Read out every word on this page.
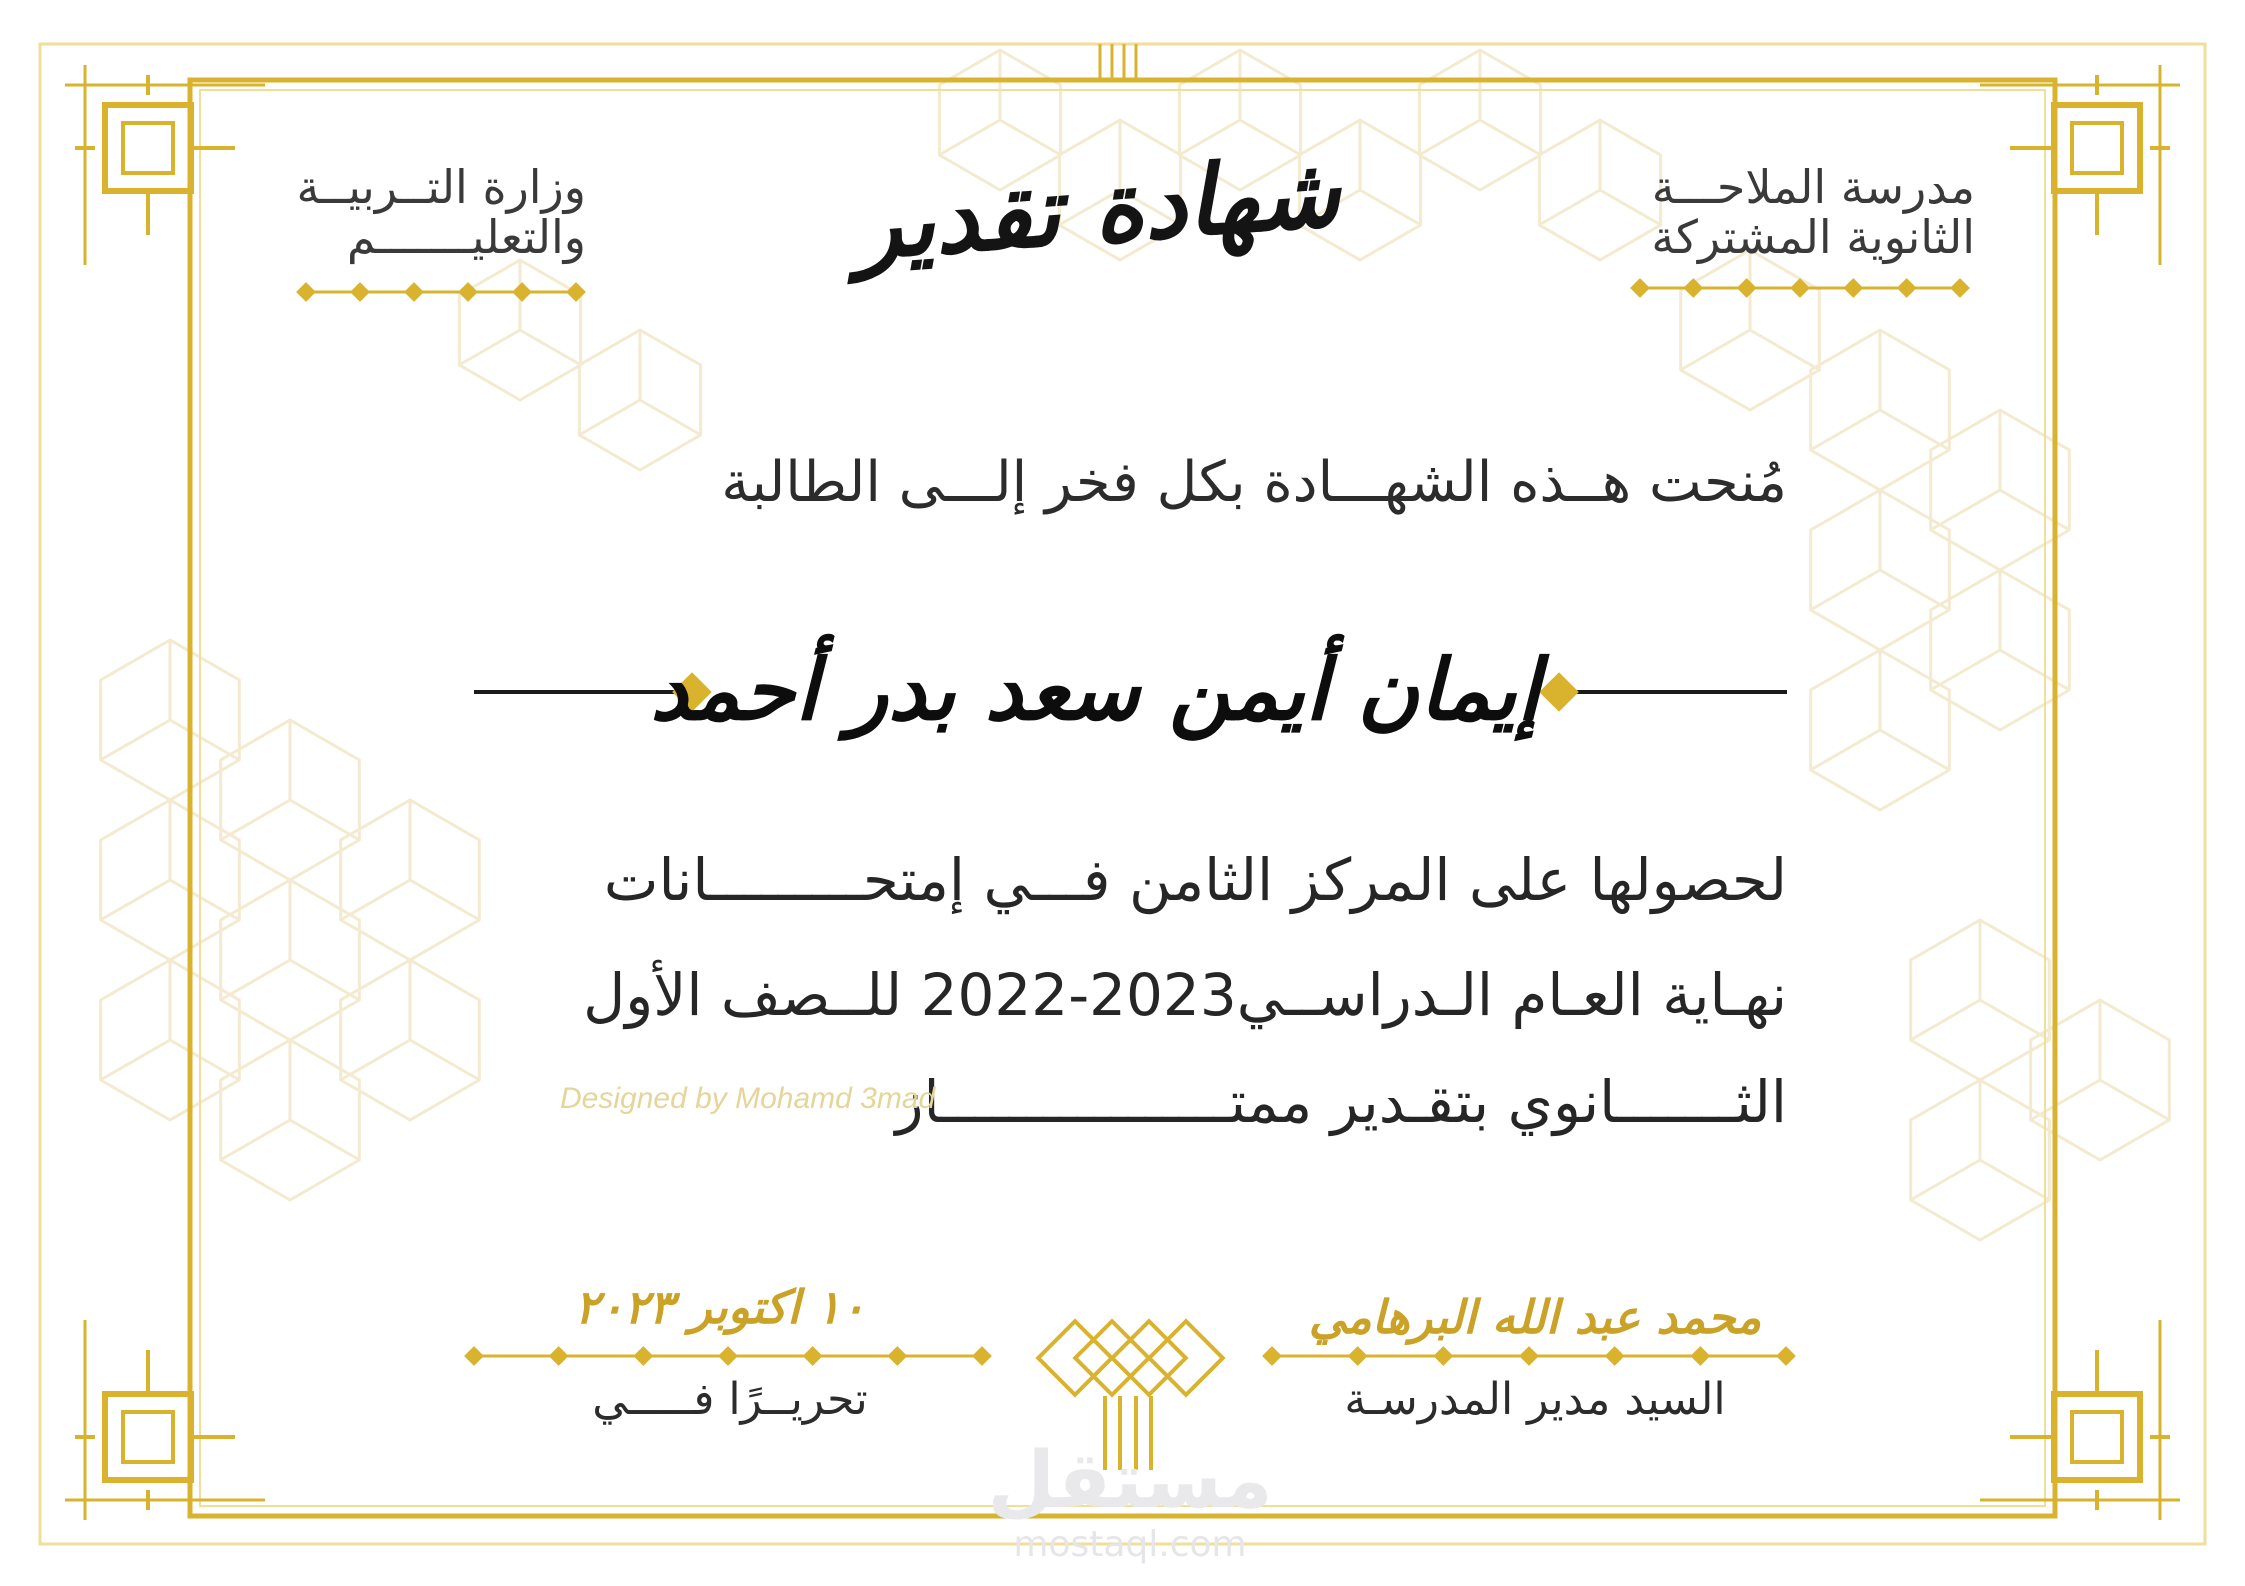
مدرسة الملاحـــة
الثانوية المشتركة
وزارة التــربيــة
والتعليـــــــم	شهادة تقدير
مُنحت هــذه الشهـــادة بكل فخر إلـــى الطالبة
إيمان أيمن سعد بدر أحمد
لحصولها على المركز الثامن فـــي إمتحـــــــــانات
نهـاية العـام الـدراســي2023-2022 للــصف الأول
الثـــــــانوي بتقـدير ممتـــــــــــــــــاز
Designed by Mohamd 3mad
١٠ اكتوبر ٢٠٢٣
تحريــرًا فـــــي
محمد عبد الله البرهامي
السيد مدير المدرسـة
مستقل
mostaql.com
